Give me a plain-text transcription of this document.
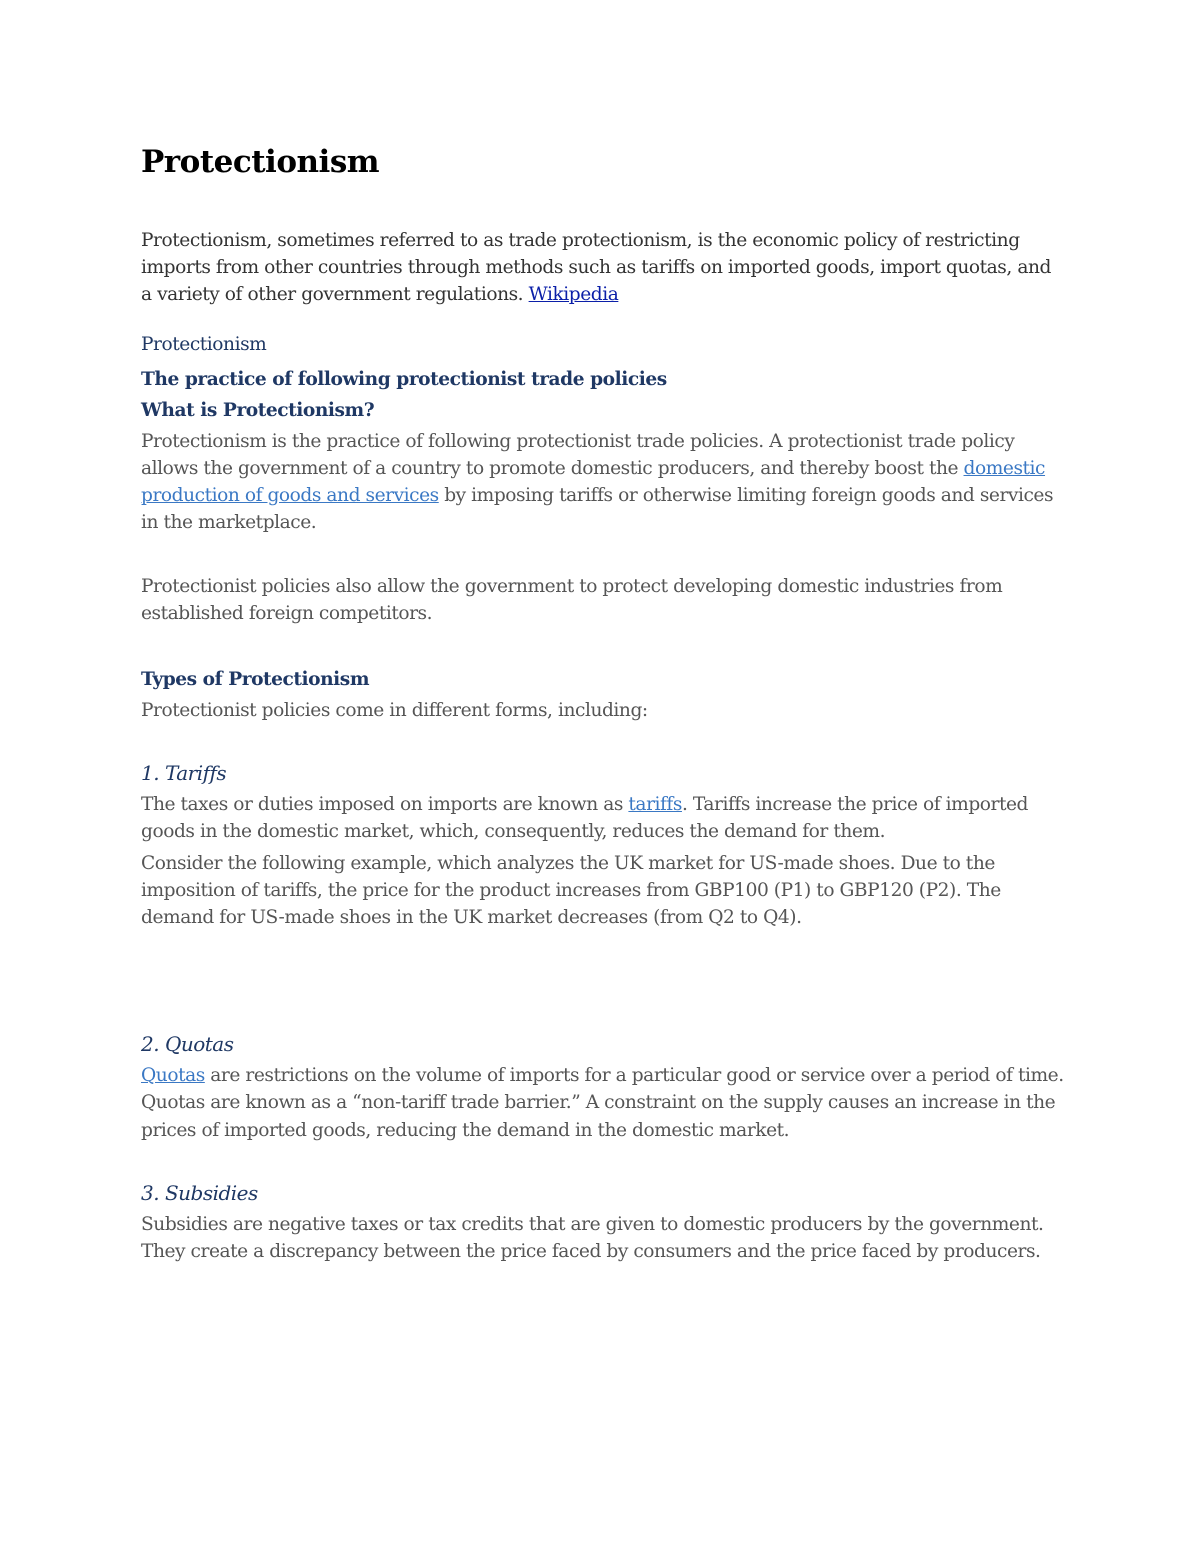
Protectionism

Protectionism, sometimes referred to as trade protectionism, is the economic policy of restricting imports from other countries through methods such as tariffs on imported goods, import quotas, and a variety of other government regulations. Wikipedia

Protectionism

The practice of following protectionist trade policies

What is Protectionism?

Protectionism is the practice of following protectionist trade policies. A protectionist trade policy allows the government of a country to promote domestic producers, and thereby boost the domestic production of goods and services by imposing tariffs or otherwise limiting foreign goods and services in the marketplace.

Protectionist policies also allow the government to protect developing domestic industries from established foreign competitors.

Types of Protectionism

Protectionist policies come in different forms, including:

1. Tariffs

The taxes or duties imposed on imports are known as tariffs. Tariffs increase the price of imported goods in the domestic market, which, consequently, reduces the demand for them.

Consider the following example, which analyzes the UK market for US-made shoes. Due to the imposition of tariffs, the price for the product increases from GBP100 (P1) to GBP120 (P2). The demand for US-made shoes in the UK market decreases (from Q2 to Q4).

2. Quotas

Quotas are restrictions on the volume of imports for a particular good or service over a period of time. Quotas are known as a “non-tariff trade barrier.” A constraint on the supply causes an increase in the prices of imported goods, reducing the demand in the domestic market.

3. Subsidies

Subsidies are negative taxes or tax credits that are given to domestic producers by the government. They create a discrepancy between the price faced by consumers and the price faced by producers.
